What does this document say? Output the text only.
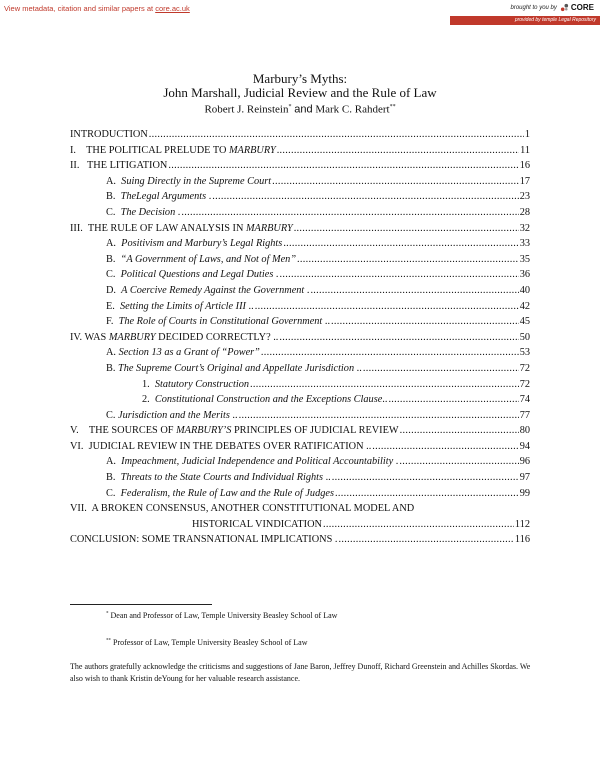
View metadata, citation and similar papers at core.ac.uk	brought to you by CORE
provided by temple Legal Repository
Marbury’s Myths:
John Marshall, Judicial Review and the Rule of Law
Robert J. Reinstein* and Mark C. Rahdert**
INTRODUCTION .....	1
I. THE POLITICAL PRELUDE TO MARBURY .....	11
II. THE LITIGATION .....	16
A. Suing Directly in the Supreme Court .....	17
B. TheLegal Arguments . .....	23
C. The Decision . .....	28
III. THE RULE OF LAW ANALYSIS IN MARBURY .....	32
A. Positivism and Marbury’s Legal Rights .....	33
B. “A Government of Laws, and Not of Men” .....	35
C. Political Questions and Legal Duties . .....	36
D. A Coercive Remedy Against the Government . .....	40
E. Setting the Limits of Article III .. .....	42
F. The Role of Courts in Constitutional Government .. .....	45
IV. WAS MARBURY DECIDED CORRECTLY? .. .....	50
A. Section 13 as a Grant of “Power” .....	53
B. The Supreme Court’s Original and Appellate Jurisdiction .. .....	72
1. Statutory Construction .....	72
2. Constitutional Construction and the Exceptions Clause.. .....	74
C. Jurisdiction and the Merits .. .....	77
V. THE SOURCES OF MARBURY’S PRINCIPLES OF JUDICIAL REVIEW .....	80
VI. JUDICIAL REVIEW IN THE DEBATES OVER RATIFICATION .. .....	94
A. Impeachment, Judicial Independence and Political Accountability . .....	96
B. Threats to the State Courts and Individual Rights .. .....	97
C. Federalism, the Rule of Law and the Rule of Judges .....	99
VII. A BROKEN CONSENSUS, ANOTHER CONSTITUTIONAL MODEL AND
HISTORICAL VINDICATION .....	112
CONCLUSION: SOME TRANSNATIONAL IMPLICATIONS . .....	116
* Dean and Professor of Law, Temple University Beasley School of Law
** Professor of Law, Temple University Beasley School of Law
The authors gratefully acknowledge the criticisms and suggestions of Jane Baron, Jeffrey Dunoff, Richard Greenstein and Achilles Skordas. We also wish to thank Kristin deYoung for her valuable research assistance.
